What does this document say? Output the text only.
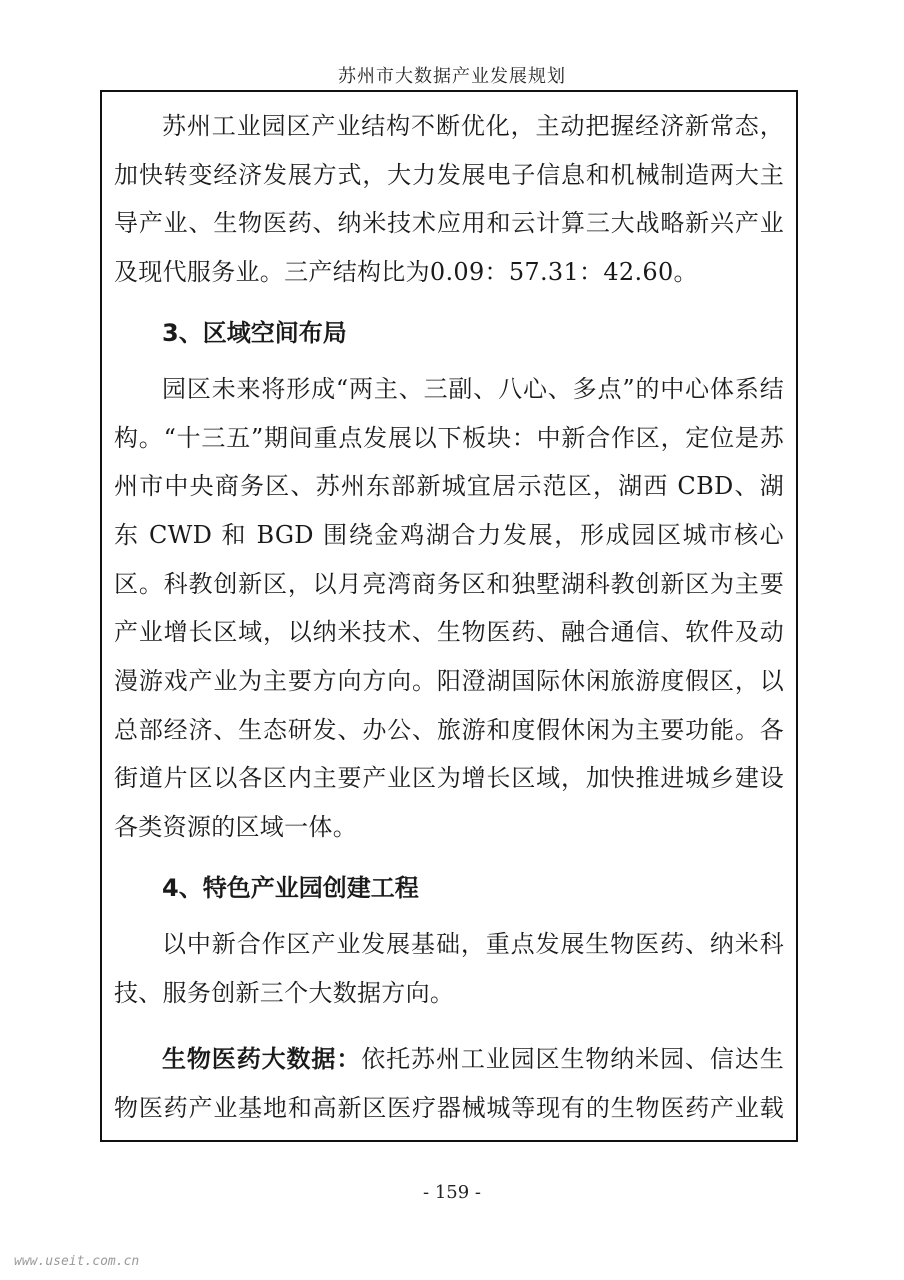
苏州市大数据产业发展规划

苏州工业园区产业结构不断优化，主动把握经济新常态，加快转变经济发展方式，大力发展电子信息和机械制造两大主导产业、生物医药、纳米技术应用和云计算三大战略新兴产业及现代服务业。三产结构比为0.09：57.31：42.60。

3、区域空间布局

园区未来将形成“两主、三副、八心、多点”的中心体系结构。“十三五”期间重点发展以下板块：中新合作区，定位是苏州市中央商务区、苏州东部新城宜居示范区，湖西 CBD、湖东 CWD 和 BGD 围绕金鸡湖合力发展，形成园区城市核心区。科教创新区，以月亮湾商务区和独墅湖科教创新区为主要产业增长区域，以纳米技术、生物医药、融合通信、软件及动漫游戏产业为主要方向方向。阳澄湖国际休闲旅游度假区，以总部经济、生态研发、办公、旅游和度假休闲为主要功能。各街道片区以各区内主要产业区为增长区域，加快推进城乡建设各类资源的区域一体。

4、特色产业园创建工程

以中新合作区产业发展基础，重点发展生物医药、纳米科技、服务创新三个大数据方向。

生物医药大数据：依托苏州工业园区生物纳米园、信达生物医药产业基地和高新区医疗器械城等现有的生物医药产业载

- 159 -
www.useit.com.cn
